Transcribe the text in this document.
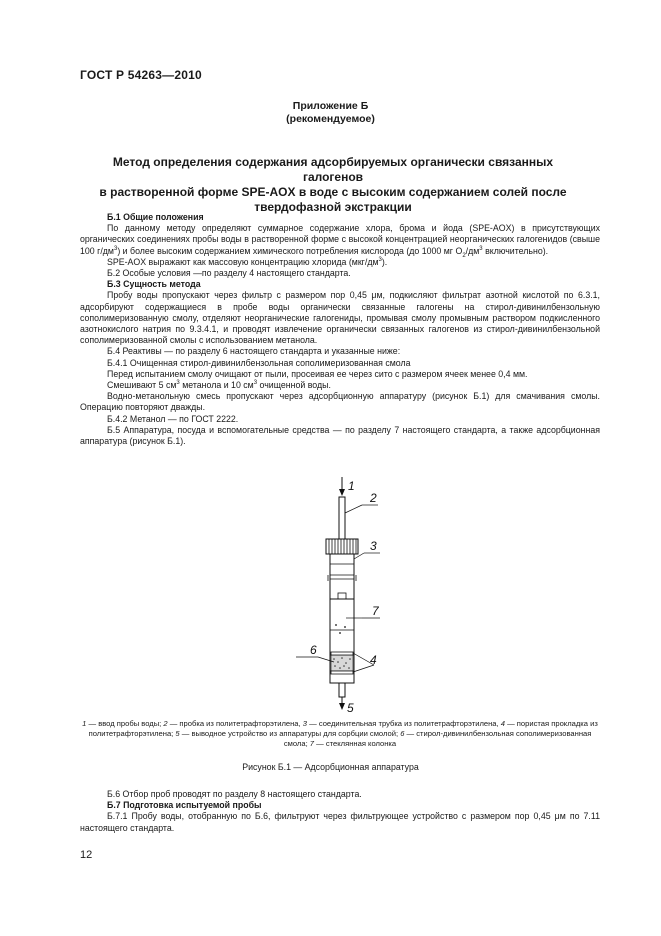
ГОСТ Р 54263—2010
Приложение Б
(рекомендуемое)
Метод определения содержания адсорбируемых органически связанных галогенов
в растворенной форме SPE-AOX в воде с высоким содержанием солей после
твердофазной экстракции

Б.1 Общие положения

По данному методу определяют суммарное содержание хлора, брома и йода (SPE-AOX) в присутствующих органических соединениях пробы воды в растворенной форме с высокой концентрацией неорганических галогенидов (свыше 100 $г/дм^3$) и более высоким содержанием химического потребления кислорода (до 1000 мг $O_2/дм^3$ включительно).

SPE-AOX выражают как массовую концентрацию хлорида $(мкг/дм^3)$.

Б.2 Особые условия —по разделу 4 настоящего стандарта.

Б.3 Сущность метода

Пробу воды пропускают через фильтр с размером пор 0,45 μм, подкисляют фильтрат азотной кислотой по 6.3.1, адсорбируют содержащиеся в пробе воды органически связанные галогены на стирол-дивинилбензольную сополимеризованную смолу, отделяют неорганические галогениды, промывая смолу промывным раствором подкисленного азотнокислого натрия по 9.3.4.1, и проводят извлечение органически связанных галогенов из стирол-дивинилбензольной сополимеризованной смолы с использованием метанола.

Б.4 Реактивы — по разделу 6 настоящего стандарта и указанные ниже:

Б.4.1 Очищенная стирол-дивинилбензольная сополимеризованная смола

Перед испытанием смолу очищают от пыли, просеивая ее через сито с размером ячеек менее 0,4 мм.

Смешивают 5 $см^3$ метанола и 10 $см^3$ очищенной воды.

Водно-метанольную смесь пропускают через адсорбционную аппаратуру (рисунок Б.1) для смачивания смолы. Операцию повторяют дважды.

Б.4.2 Метанол — по ГОСТ 2222.

Б.5 Аппаратура, посуда и вспомогательные средства — по разделу 7 настоящего стандарта, а также адсорбционная аппаратура (рисунок Б.1).

1
2
3
4
5
6
7
1 — ввод пробы воды; 2 — пробка из политетрафторэтилена, 3 — соединительная трубка из политетрафторэтилена, 4 — пористая прокладка из политетрафторэтилена; 5 — выводное устройство из аппаратуры для сорбции смолой; 6 — стирол-дивинилбензольная сополимеризованная смола; 7 — стеклянная колонка
Рисунок Б.1 — Адсорбционная аппаратура

Б.6 Отбор проб проводят по разделу 8 настоящего стандарта.

Б.7 Подготовка испытуемой пробы

Б.7.1 Пробу воды, отобранную по Б.6, фильтруют через фильтрующее устройство с размером пор 0,45 μм по 7.11 настоящего стандарта.

12
